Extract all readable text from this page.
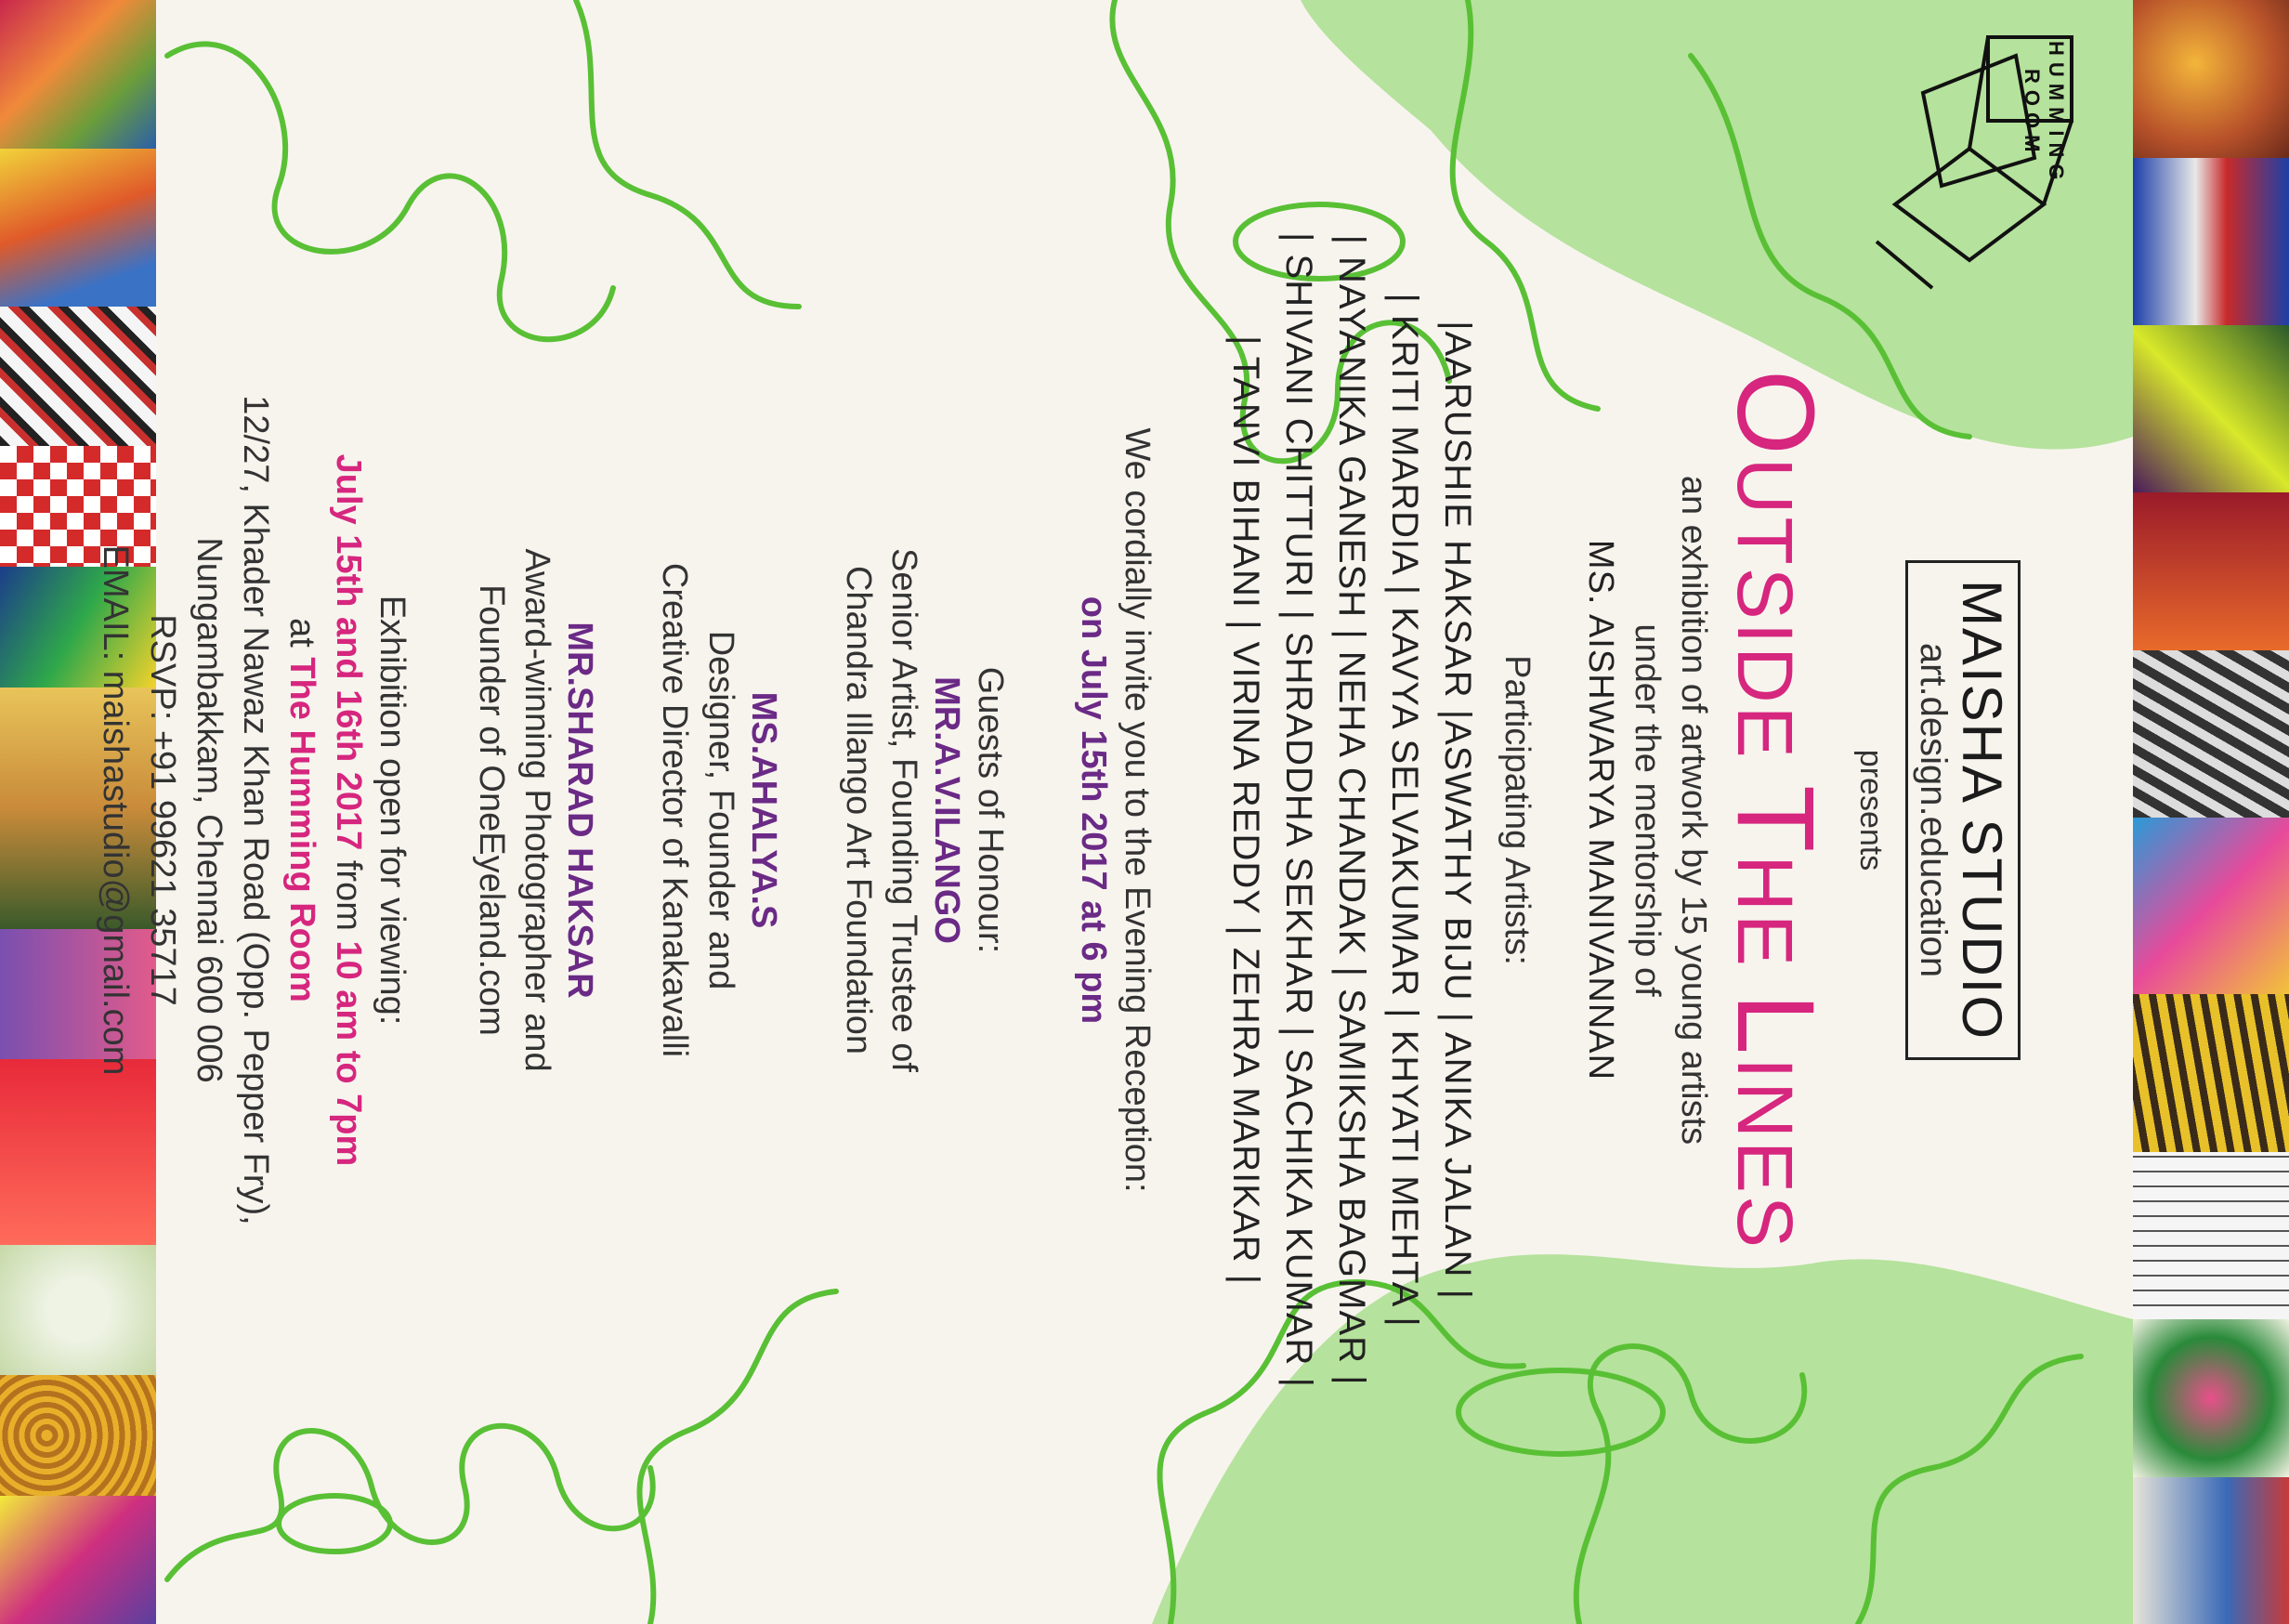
HUMMING
ROOM
MAISHA STUDIO
art.design.education
presents
OUTSIDE THE LINES
an exhibition of artwork by 15 young artists
under the mentorship of
MS. AISHWARYA MANIVANNAN
Participating Artists:
|AARUSHIE HAKSAR |ASWATHY BIJU | ANIKA JALAN |
| KRITI MARDIA | KAVYA SELVAKUMAR | KHYATI MEHTA |
| NAYANIKA GANESH | NEHA CHANDAK | SAMIKSHA BAGMAR |
| SHIVANI CHITTURI | SHRADDHA SEKHAR | SACHIKA KUMAR |
| TANVI BIHANI | VIRINA REDDY | ZEHRA MARIKAR |
We cordially invite you to the Evening Reception:
on July 15th 2017 at 6 pm
Guests of Honour:
MR.A.V.ILANGO
Senior Artist, Founding Trustee of
Chandra Illango Art Foundation
MS.AHALYA.S
Designer, Founder and
Creative Director of Kanakavalli
MR.SHARAD HAKSAR
Award-winning Photographer and
Founder of OneEyeland.com
Exhibition open for viewing:
July 15th and 16th 2017 from 10 am to 7pm
at The Humming Room
12/27, Khader Nawaz Khan Road (Opp. Pepper Fry),
Nungambakkam, Chennai 600 006
RSVP: +91 99621 35717
EMAIL: maishastudio@gmail.com
